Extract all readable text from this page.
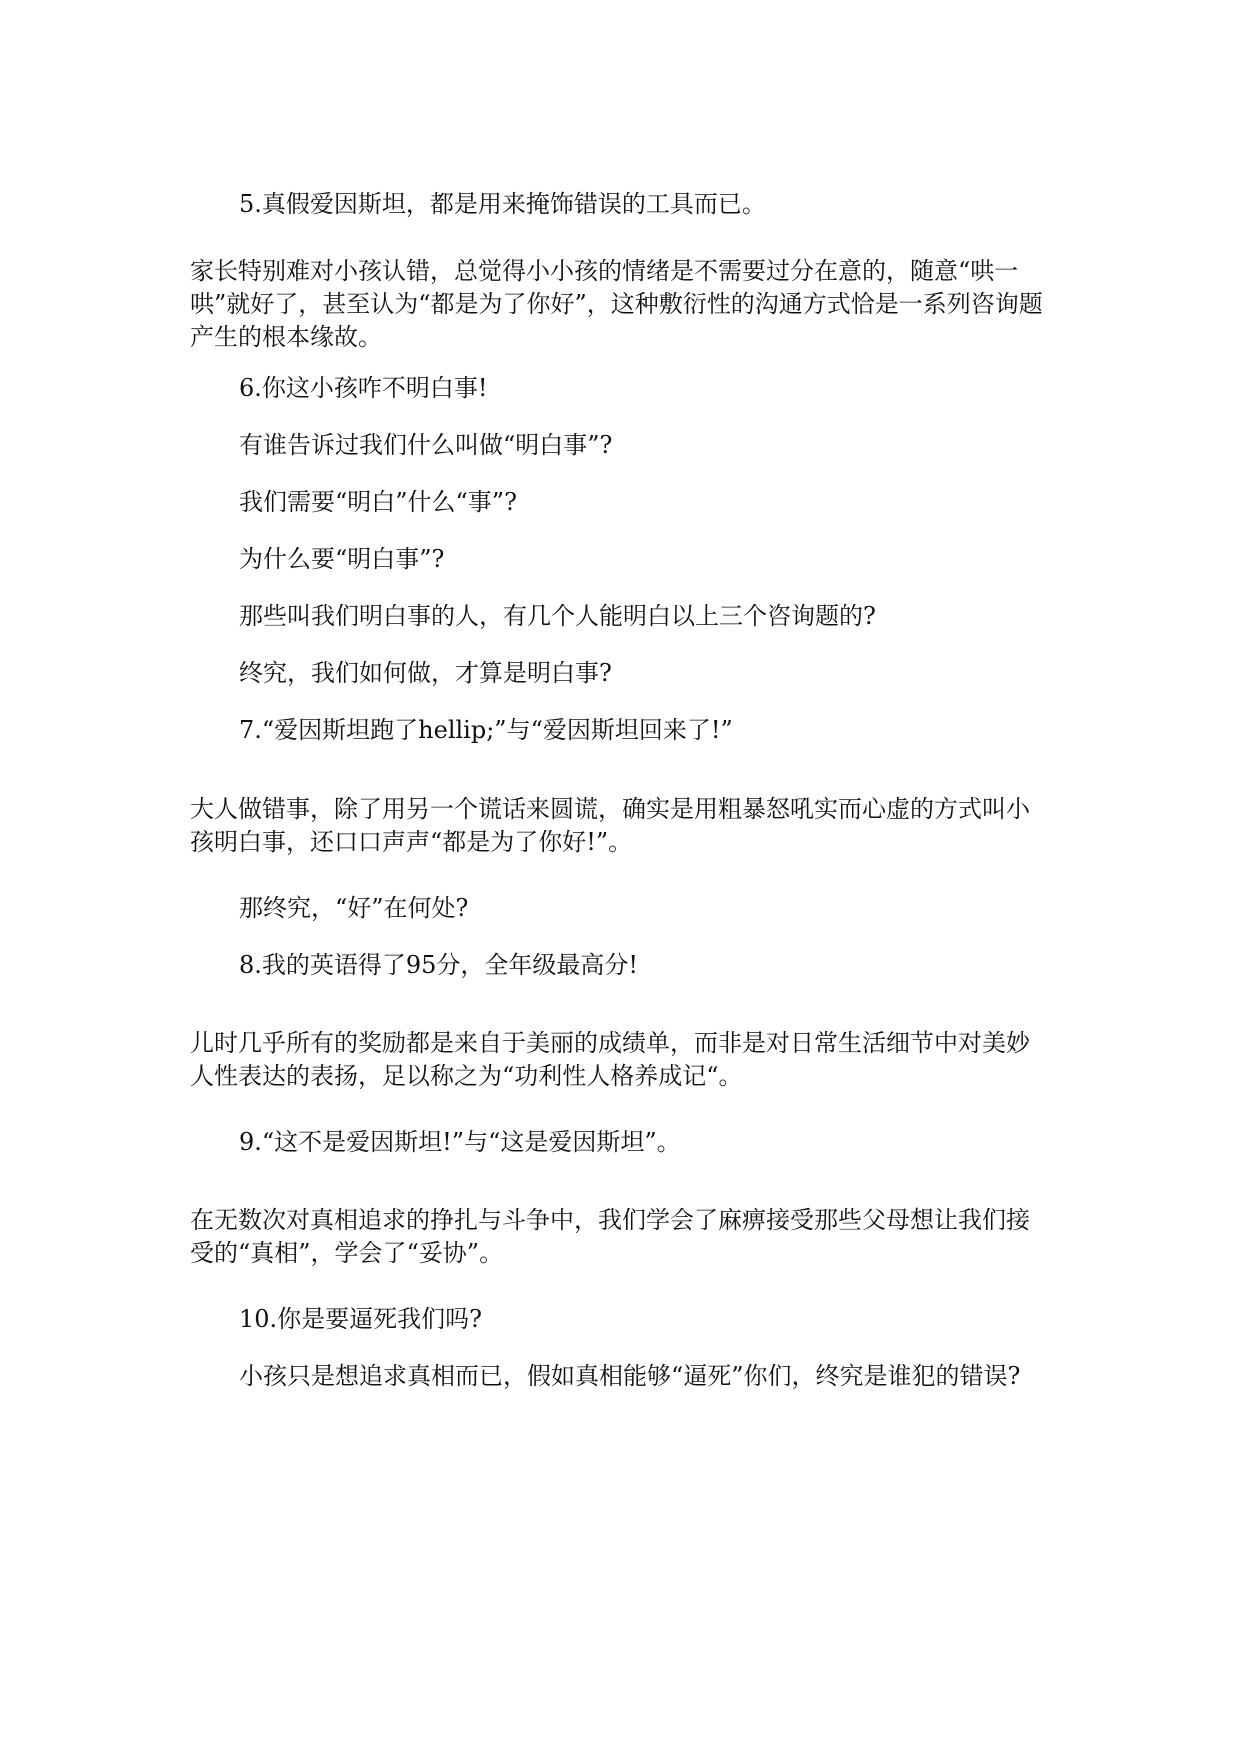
5.真假爱因斯坦，都是用来掩饰错误的工具而已。

家长特别难对小孩认错，总觉得小小孩的情绪是不需要过分在意的，随意“哄一哄”就好了，甚至认为“都是为了你好”，这种敷衍性的沟通方式恰是一系列咨询题产生的根本缘故。

6.你这小孩咋不明白事!

有谁告诉过我们什么叫做“明白事”?

我们需要“明白”什么“事”?

为什么要“明白事”?

那些叫我们明白事的人，有几个人能明白以上三个咨询题的?

终究，我们如何做，才算是明白事?

7.“爱因斯坦跑了hellip;”与“爱因斯坦回来了!”

大人做错事，除了用另一个谎话来圆谎，确实是用粗暴怒吼实而心虚的方式叫小孩明白事，还口口声声“都是为了你好!”。

那终究，“好”在何处?

8.我的英语得了95分，全年级最高分!

儿时几乎所有的奖励都是来自于美丽的成绩单，而非是对日常生活细节中对美妙人性表达的表扬，足以称之为“功利性人格养成记“。

9.“这不是爱因斯坦!”与“这是爱因斯坦”。

在无数次对真相追求的挣扎与斗争中，我们学会了麻痹接受那些父母想让我们接受的“真相”，学会了“妥协”。

10.你是要逼死我们吗?

小孩只是想追求真相而已，假如真相能够“逼死”你们，终究是谁犯的错误?
